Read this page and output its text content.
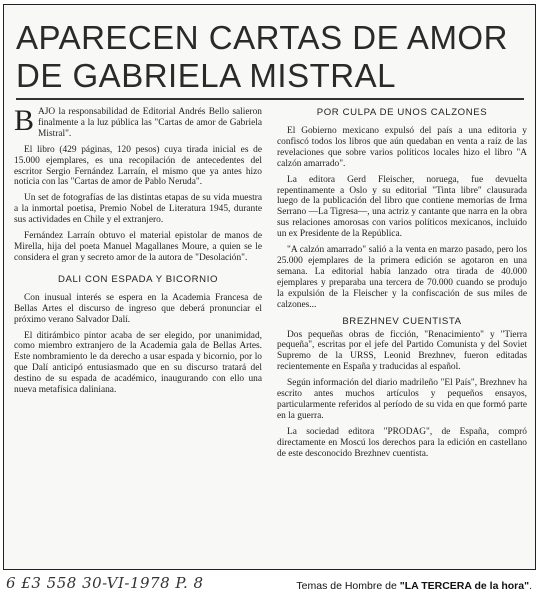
APARECEN CARTAS DE AMOR DE GABRIELA MISTRAL

BAJO la responsabilidad de Editorial Andrés Bello salieron finalmente a la luz pública las "Cartas de amor de Gabriela Mistral".

El libro (429 páginas, 120 pesos) cuya tirada inicial es de 15.000 ejemplares, es una recopilación de antecedentes del escritor Sergio Fernández Larraín, el mismo que ya antes hizo noticia con las "Cartas de amor de Pablo Neruda".

Un set de fotografías de las distintas etapas de su vida muestra a la inmortal poetisa, Premio Nobel de Literatura 1945, durante sus actividades en Chile y el extranjero.

Fernández Larraín obtuvo el material epistolar de manos de Mirella, hija del poeta Manuel Magallanes Moure, a quien se le considera el gran y secreto amor de la autora de "Desolación".

DALI CON ESPADA Y BICORNIO

Con inusual interés se espera en la Academia Francesa de Bellas Artes el discurso de ingreso que deberá pronunciar el próximo verano Salvador Dalí.

El ditirámbico pintor acaba de ser elegido, por unanimidad, como miembro extranjero de la Academia gala de Bellas Artes. Este nombramiento le da derecho a usar espada y bicornio, por lo que Dalí anticipó entusiasmado que en su discurso tratará del destino de su espada de académico, inaugurando con ello una nueva metafísica daliniana.

POR CULPA DE UNOS CALZONES

El Gobierno mexicano expulsó del país a una editoria y confiscó todos los libros que aún quedaban en venta a raíz de las revelaciones que sobre varios políticos locales hizo el libro "A calzón amarrado".

La editora Gerd Fleischer, noruega, fue devuelta repentinamente a Oslo y su editorial "Tinta libre" clausurada luego de la publicación del libro que contiene memorias de Irma Serrano —La Tigresa—, una actriz y cantante que narra en la obra sus relaciones amorosas con varios políticos mexicanos, incluido un ex Presidente de la República.

"A calzón amarrado" salió a la venta en marzo pasado, pero los 25.000 ejemplares de la primera edición se agotaron en una semana. La editorial había lanzado otra tirada de 40.000 ejemplares y preparaba una tercera de 70.000 cuando se produjo la expulsión de la Fleischer y la confiscación de sus miles de calzones...

BREZHNEV CUENTISTA

Dos pequeñas obras de ficción, "Renacimiento" y "Tierra pequeña", escritas por el jefe del Partido Comunista y del Soviet Supremo de la URSS, Leonid Brezhnev, fueron editadas recientemente en España y traducidas al español.

Según información del diario madrileño "El País", Brezhnev ha escrito antes muchos artículos y pequeños ensayos, particularmente referidos al período de su vida en que formó parte en la guerra.

La sociedad editora "PRODAG", de España, compró directamente en Moscú los derechos para la edición en castellano de este desconocido Brezhnev cuentista.

6 £3 558 30-VI-1978 P. 8	Temas de Hombre de "LA TERCERA de la hora".
